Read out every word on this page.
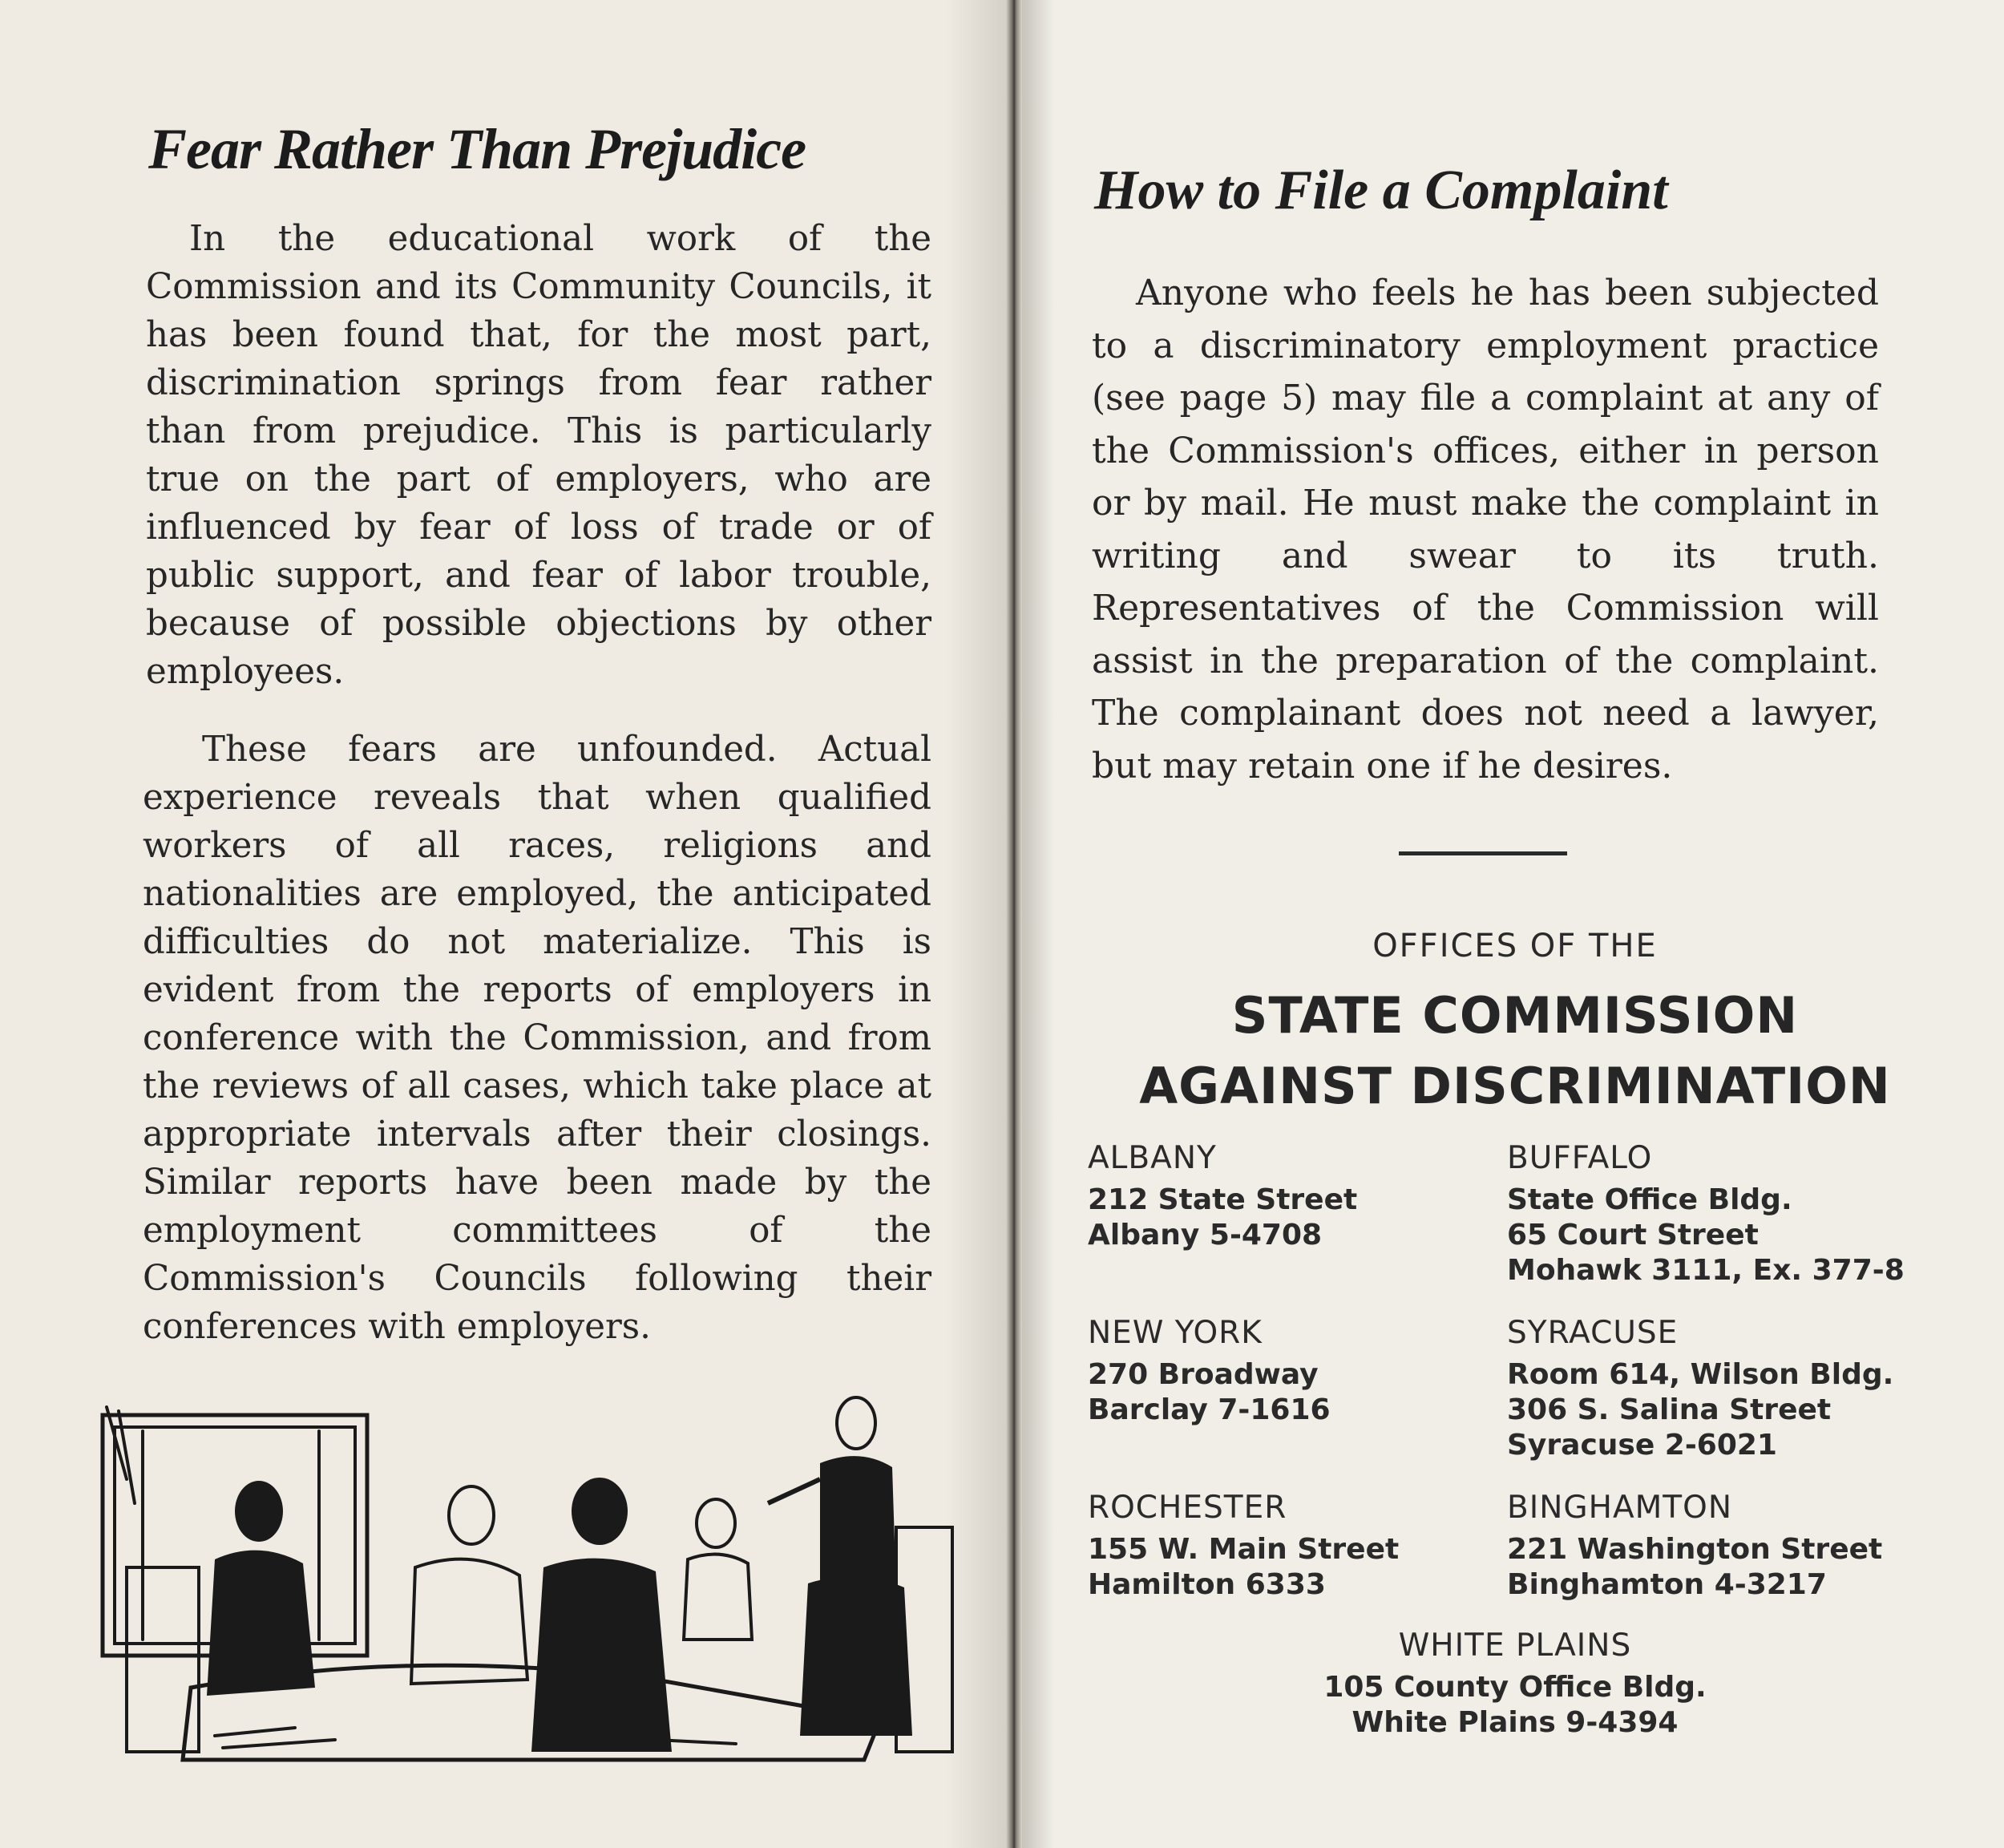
Fear Rather Than Prejudice

In the educational work of the Commission and its Community Councils, it has been found that, for the most part, discrimination springs from fear rather than from prejudice. This is particularly true on the part of employers, who are influenced by fear of loss of trade or of public support, and fear of labor trouble, because of possible objections by other employees.

These fears are unfounded. Actual experience reveals that when qualified workers of all races, religions and nationalities are employed, the anticipated difficulties do not materialize. This is evident from the reports of employers in conference with the Commission, and from the reviews of all cases, which take place at appropriate intervals after their closings. Similar reports have been made by the employment committees of the Commission's Councils following their conferences with employers.

How to File a Complaint

Anyone who feels he has been subjected to a discriminatory employment practice (see page 5) may file a complaint at any of the Commission's offices, either in person or by mail. He must make the complaint in writing and swear to its truth. Representatives of the Commission will assist in the preparation of the complaint. The complainant does not need a lawyer, but may retain one if he desires.

OFFICES OF THE
STATE COMMISSION
AGAINST DISCRIMINATION
ALBANY
212 State Street
Albany 5-4708
BUFFALO
State Office Bldg.
65 Court Street
Mohawk 3111, Ex. 377-8
NEW YORK
270 Broadway
Barclay 7-1616
SYRACUSE
Room 614, Wilson Bldg.
306 S. Salina Street
Syracuse 2-6021
ROCHESTER
155 W. Main Street
Hamilton 6333
BINGHAMTON
221 Washington Street
Binghamton 4-3217
WHITE PLAINS
105 County Office Bldg.
White Plains 9-4394
